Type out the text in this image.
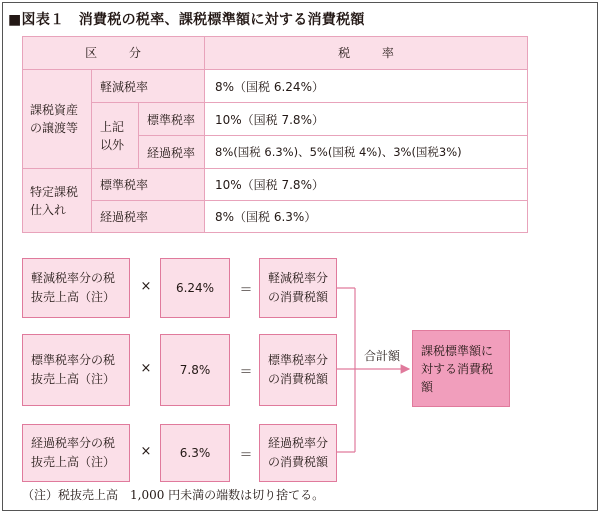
■図表１　消費税の税率、課税標準額に対する消費税額
区 分	税 率
課税資産
の譲渡等
軽減税率	8%（国税 6.24%）
上記
以外
標準税率	10%（国税 7.8%）
経過税率	8%(国税 6.3%)、5%(国税 4%)、3%(国税3%)
特定課税
仕入れ
標準税率	10%（国税 7.8%）
経過税率	8%（国税 6.3%）
軽減税率分の税
抜売上高（注）
×	6.24%	＝
軽減税率分
の消費税額
標準税率分の税
抜売上高（注）
×	7.8%	＝
標準税率分
の消費税額
経過税率分の税
抜売上高（注）
×	6.3%	＝
経過税率分
の消費税額
合計額 課税標準額に
対する消費税
額
（注）税抜売上高　1,000 円未満の端数は切り捨てる。
